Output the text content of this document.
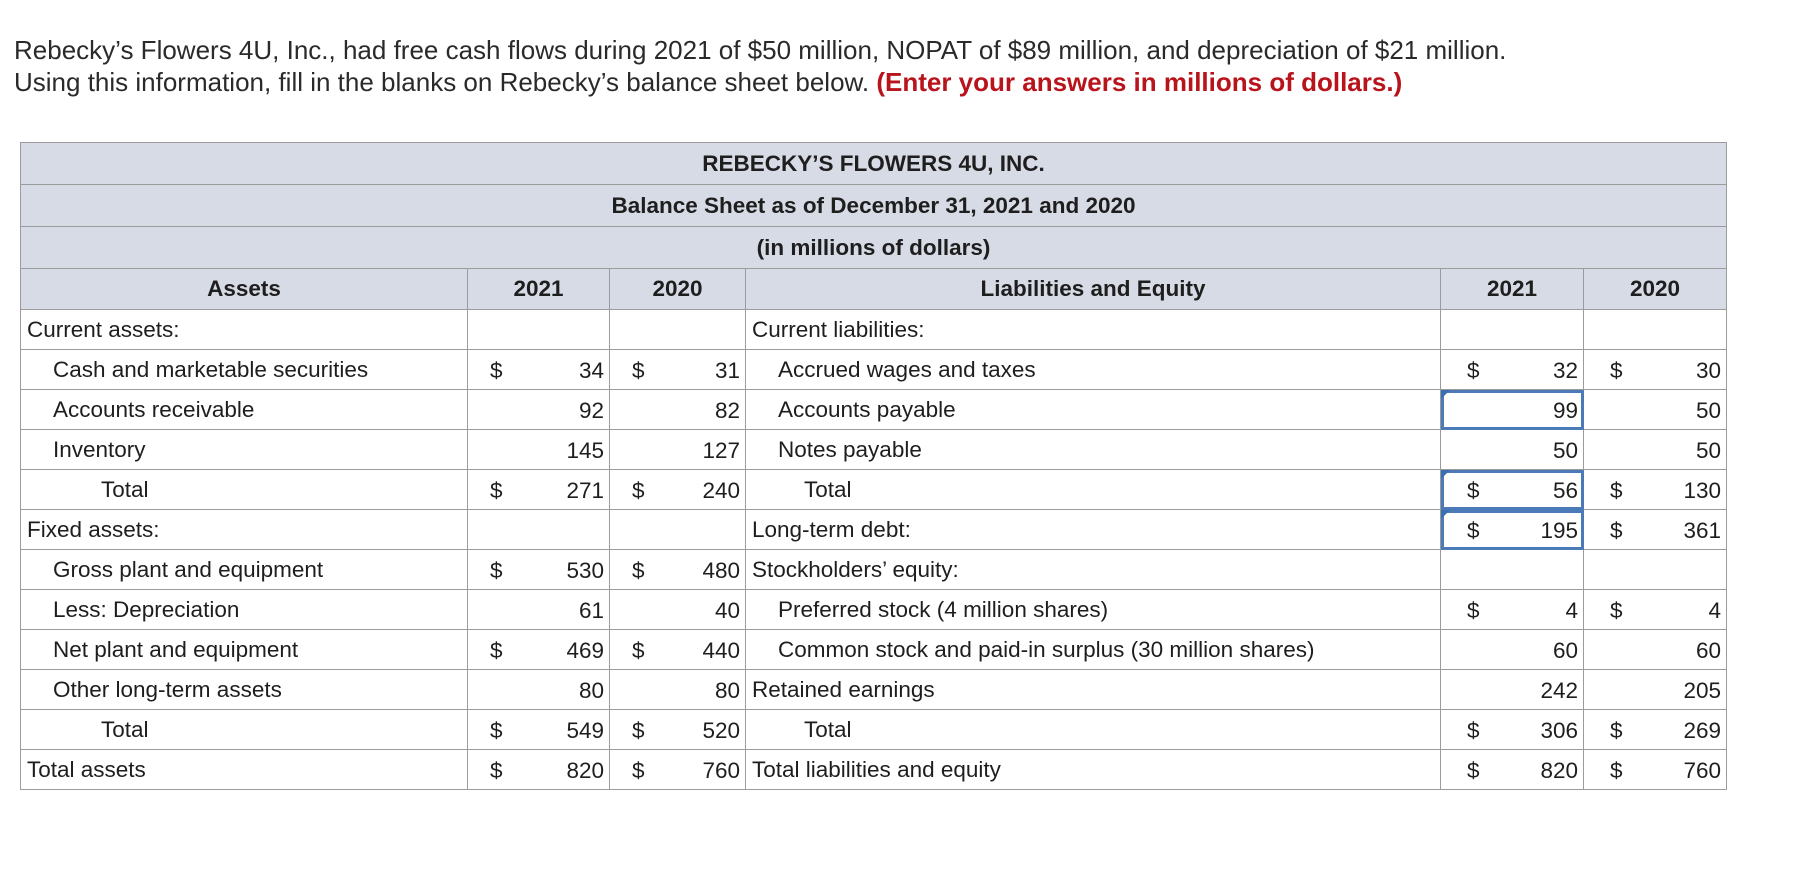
Rebecky’s Flowers 4U, Inc., had free cash flows during 2021 of $50 million, NOPAT of $89 million, and depreciation of $21 million.
Using this information, fill in the blanks on Rebecky’s balance sheet below. (Enter your answers in millions of dollars.)
REBECKY’S FLOWERS 4U, INC.					
Balance Sheet as of December 31, 2021 and 2020					
(in millions of dollars)					
Assets	2021	2020	Liabilities and Equity	2021	2020
Current assets:			Current liabilities:	

Cash and marketable securities	$ 34	$ 31	Accrued wages and taxes	$ 32	$ 30

Accounts receivable	92	82	Accounts payable	99	50

Inventory	145	127	Notes payable	50	50

Total	$ 271	$ 240	Total	$ 56	$ 130

Fixed assets:			Long-term debt:	$ 195	$ 361

Gross plant and equipment	$ 530	$ 480	Stockholders’ equity:	

Less: Depreciation	61	40	Preferred stock (4 million shares)	$ 4	$ 4

Net plant and equipment	$ 469	$ 440	Common stock and paid-in surplus (30 million shares)	60	60

Other long-term assets	80	80	Retained earnings	242	205

Total	$ 549	$ 520	Total	$ 306	$ 269

Total assets	$ 820	$ 760	Total liabilities and equity	$ 820	$ 760
